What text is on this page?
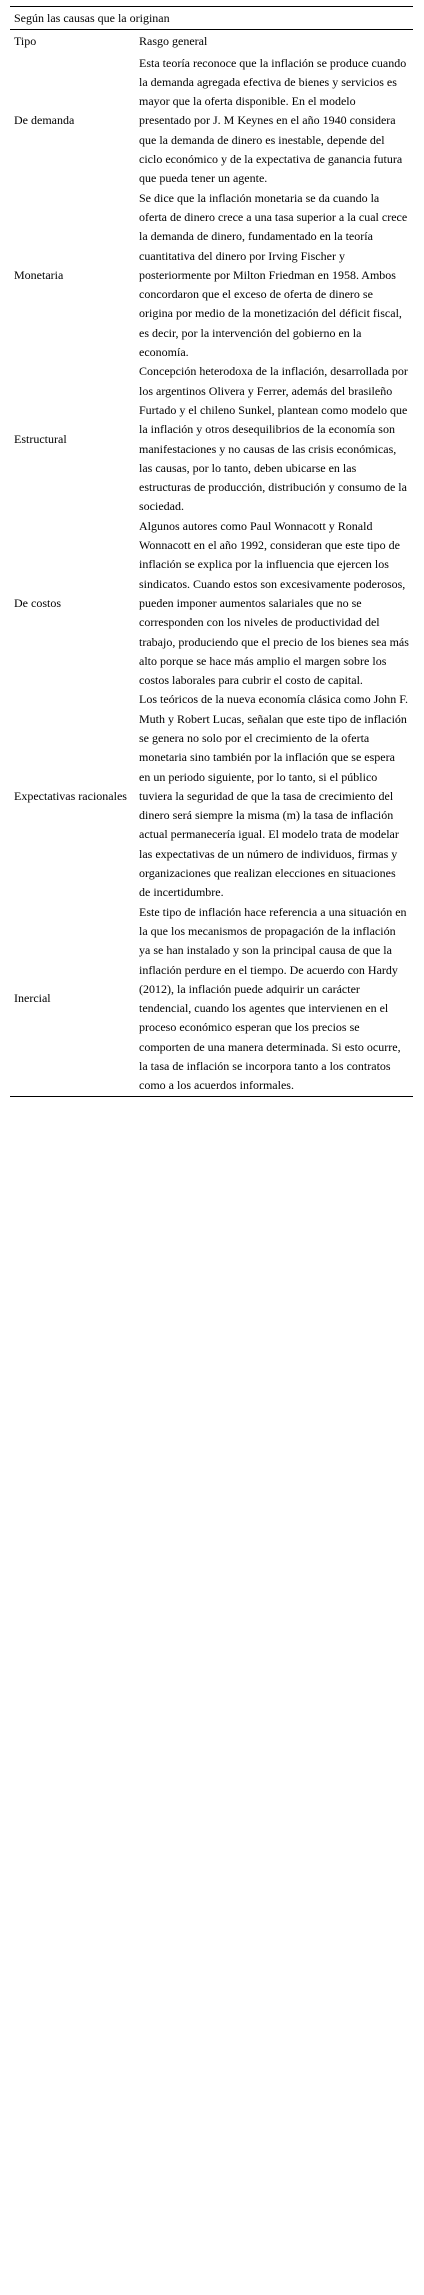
Según las causas que la originan	
Tipo	Rasgo general
De demanda	Esta teoría reconoce que la inflación se produce cuando la demanda agregada efectiva de bienes y servicios es mayor que la oferta disponible. En el modelo presentado por J. M Keynes en el año 1940 considera que la demanda de dinero es inestable, depende del ciclo económico y de la expectativa de ganancia futura que pueda tener un agente.
Monetaria	Se dice que la inflación monetaria se da cuando la oferta de dinero crece a una tasa superior a la cual crece la demanda de dinero, fundamentado en la teoría cuantitativa del dinero por Irving Fischer y posteriormente por Milton Friedman en 1958. Ambos concordaron que el exceso de oferta de dinero se origina por medio de la monetización del déficit fiscal, es decir, por la intervención del gobierno en la economía.
Estructural	Concepción heterodoxa de la inflación, desarrollada por los argentinos Olivera y Ferrer, además del brasileño Furtado y el chileno Sunkel, plantean como modelo que la inflación y otros desequilibrios de la economía son manifestaciones y no causas de las crisis económicas, las causas, por lo tanto, deben ubicarse en las estructuras de producción, distribución y consumo de la sociedad.
De costos	Algunos autores como Paul Wonnacott y Ronald Wonnacott en el año 1992, consideran que este tipo de inflación se explica por la influencia que ejercen los sindicatos. Cuando estos son excesivamente poderosos, pueden imponer aumentos salariales que no se corresponden con los niveles de productividad del trabajo, produciendo que el precio de los bienes sea más alto porque se hace más amplio el margen sobre los costos laborales para cubrir el costo de capital.
Expectativas racionales	Los teóricos de la nueva economía clásica como John F. Muth y Robert Lucas, señalan que este tipo de inflación se genera no solo por el crecimiento de la oferta monetaria sino también por la inflación que se espera en un periodo siguiente, por lo tanto, si el público tuviera la seguridad de que la tasa de crecimiento del dinero será siempre la misma (m) la tasa de inflación actual permanecería igual. El modelo trata de modelar las expectativas de un número de individuos, firmas y organizaciones que realizan elecciones en situaciones de incertidumbre.
Inercial	Este tipo de inflación hace referencia a una situación en la que los mecanismos de propagación de la inflación ya se han instalado y son la principal causa de que la inflación perdure en el tiempo. De acuerdo con Hardy (2012), la inflación puede adquirir un carácter tendencial, cuando los agentes que intervienen en el proceso económico esperan que los precios se comporten de una manera determinada. Si esto ocurre, la tasa de inflación se incorpora tanto a los contratos como a los acuerdos informales.
